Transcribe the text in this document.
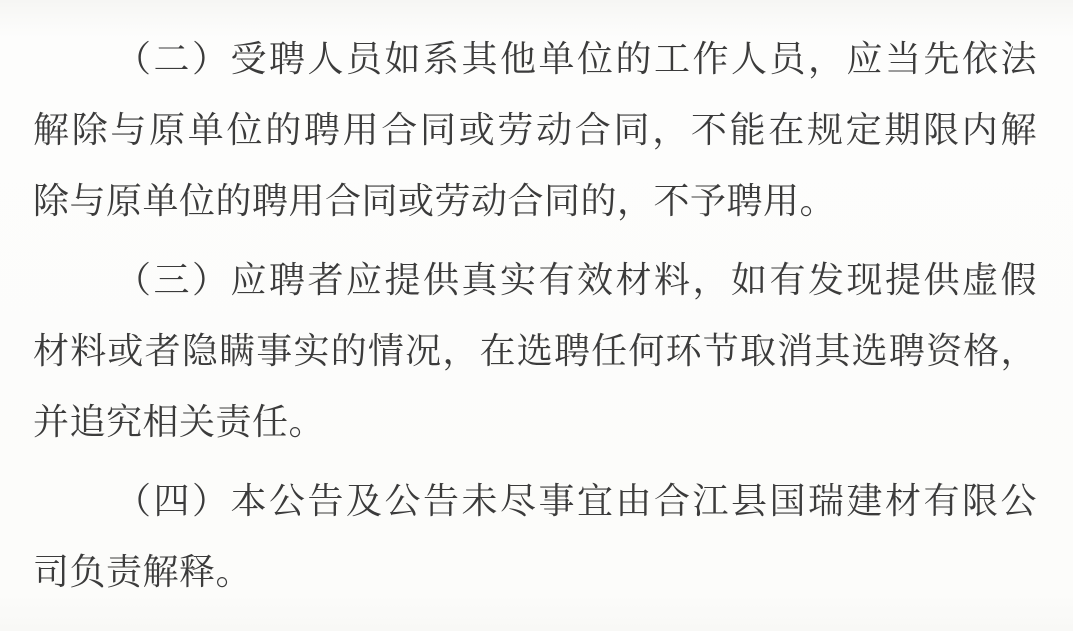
（二）受聘人员如系其他单位的工作人员，应当先依法
解除与原单位的聘用合同或劳动合同，不能在规定期限内解
除与原单位的聘用合同或劳动合同的，不予聘用。

（三）应聘者应提供真实有效材料，如有发现提供虚假
材料或者隐瞒事实的情况，在选聘任何环节取消其选聘资格，
并追究相关责任。

（四）本公告及公告未尽事宜由合江县国瑞建材有限公
司负责解释。
